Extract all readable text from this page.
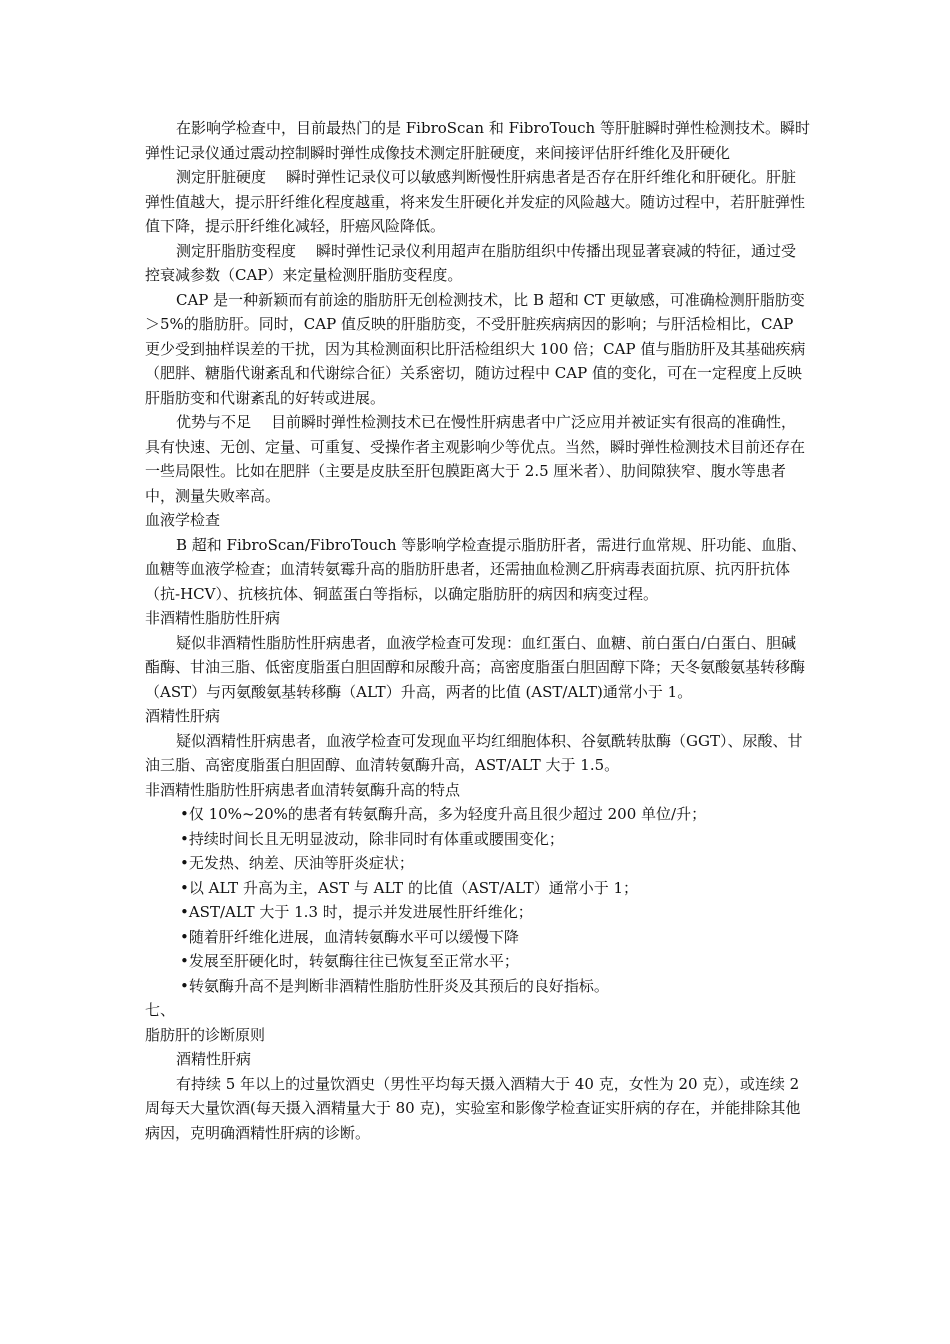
在影响学检查中，目前最热门的是 FibroScan 和 FibroTouch 等肝脏瞬时弹性检测技术。瞬时弹性记录仪通过震动控制瞬时弹性成像技术测定肝脏硬度，来间接评估肝纤维化及肝硬化

测定肝脏硬度 瞬时弹性记录仪可以敏感判断慢性肝病患者是否存在肝纤维化和肝硬化。肝脏弹性值越大，提示肝纤维化程度越重，将来发生肝硬化并发症的风险越大。随访过程中，若肝脏弹性值下降，提示肝纤维化减轻，肝癌风险降低。

测定肝脂肪变程度 瞬时弹性记录仪利用超声在脂肪组织中传播出现显著衰减的特征，通过受控衰减参数（CAP）来定量检测肝脂肪变程度。

CAP 是一种新颖而有前途的脂肪肝无创检测技术，比 B 超和 CT 更敏感，可准确检测肝脂肪变＞5%的脂肪肝。同时，CAP 值反映的肝脂肪变，不受肝脏疾病病因的影响；与肝活检相比，CAP 更少受到抽样误差的干扰，因为其检测面积比肝活检组织大 100 倍；CAP 值与脂肪肝及其基础疾病（肥胖、糖脂代谢紊乱和代谢综合征）关系密切，随访过程中 CAP 值的变化，可在一定程度上反映肝脂肪变和代谢紊乱的好转或进展。

优势与不足 目前瞬时弹性检测技术已在慢性肝病患者中广泛应用并被证实有很高的准确性，具有快速、无创、定量、可重复、受操作者主观影响少等优点。当然，瞬时弹性检测技术目前还存在一些局限性。比如在肥胖（主要是皮肤至肝包膜距离大于 2.5 厘米者）、肋间隙狭窄、腹水等患者中，测量失败率高。

血液学检查

B 超和 FibroScan/FibroTouch 等影响学检查提示脂肪肝者，需进行血常规、肝功能、血脂、血糖等血液学检查；血清转氨霉升高的脂肪肝患者，还需抽血检测乙肝病毒表面抗原、抗丙肝抗体（抗-HCV）、抗核抗体、铜蓝蛋白等指标，以确定脂肪肝的病因和病变过程。

非酒精性脂肪性肝病

疑似非酒精性脂肪性肝病患者，血液学检查可发现：血红蛋白、血糖、前白蛋白/白蛋白、胆碱酯酶、甘油三脂、低密度脂蛋白胆固醇和尿酸升高；高密度脂蛋白胆固醇下降；天冬氨酸氨基转移酶（AST）与丙氨酸氨基转移酶（ALT）升高，两者的比值 (AST/ALT)通常小于 1。

酒精性肝病

疑似酒精性肝病患者，血液学检查可发现血平均红细胞体积、谷氨酰转肽酶（GGT）、尿酸、甘油三脂、高密度脂蛋白胆固醇、血清转氨酶升高，AST/ALT 大于 1.5。

非酒精性脂肪性肝病患者血清转氨酶升高的特点

•仅 10%~20%的患者有转氨酶升高，多为轻度升高且很少超过 200 单位/升；

•持续时间长且无明显波动，除非同时有体重或腰围变化；

•无发热、纳差、厌油等肝炎症状；

•以 ALT 升高为主，AST 与 ALT 的比值（AST/ALT）通常小于 1；

•AST/ALT 大于 1.3 时，提示并发进展性肝纤维化；

•随着肝纤维化进展，血清转氨酶水平可以缓慢下降

•发展至肝硬化时，转氨酶往往已恢复至正常水平；

•转氨酶升高不是判断非酒精性脂肪性肝炎及其预后的良好指标。

七、

脂肪肝的诊断原则

酒精性肝病

有持续 5 年以上的过量饮酒史（男性平均每天摄入酒精大于 40 克，女性为 20 克），或连续 2 周每天大量饮酒(每天摄入酒精量大于 80 克)，实验室和影像学检查证实肝病的存在，并能排除其他病因，克明确酒精性肝病的诊断。
